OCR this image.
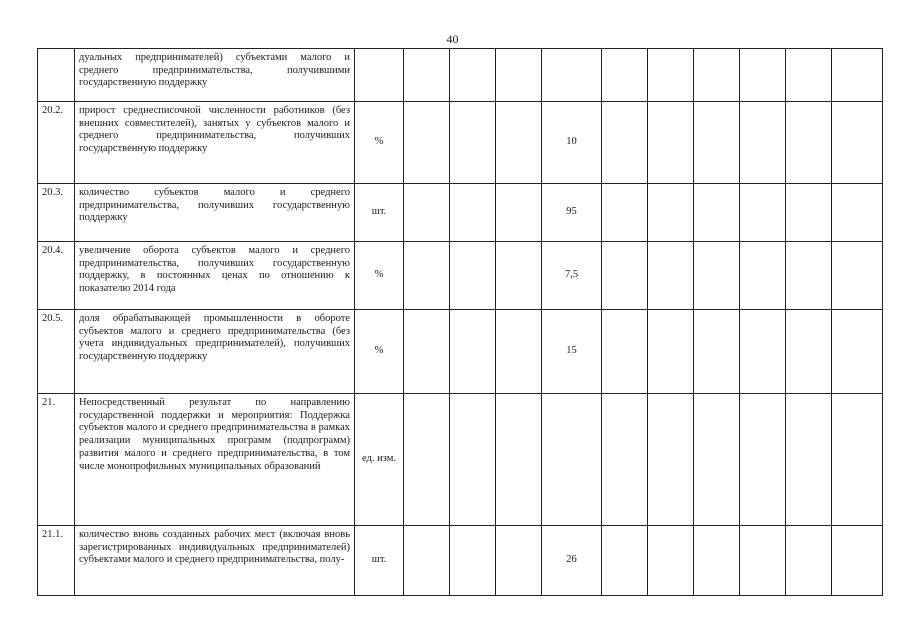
40
	дуальных предпринимателей) субъектами малого и среднего предпринимательства, получившими государственную поддержку											
20.2.	прирост среднесписочной численности работников (без внешних совместителей), занятых у субъектов малого и среднего предпринимательства, получивших государственную поддержку	%				10						
20.3.	количество субъектов малого и среднего предпринимательства, получивших государственную поддержку	шт.				95						
20.4.	увеличение оборота субъектов малого и среднего предпринимательства, получивших государственную поддержку, в постоянных ценах по отношению к показателю 2014 года	%				7,5						
20.5.	доля обрабатывающей промышленности в обороте субъектов малого и среднего предпринимательства (без учета индивидуальных предпринимателей), получивших государственную поддержку	%				15						
21.	Непосредственный результат по направлению государственной поддержки и мероприятия: Поддержка субъектов малого и среднего предпринимательства в рамках реализации муниципальных программ (подпрограмм) развития малого и среднего предпринимательства, в том числе монопрофильных муниципальных образований	ед. изм.										
21.1.	количество вновь созданных рабочих мест (включая вновь зарегистрированных индивидуальных предпринимателей) субъектами малого и среднего предпринимательства, полу-	шт.				26						
